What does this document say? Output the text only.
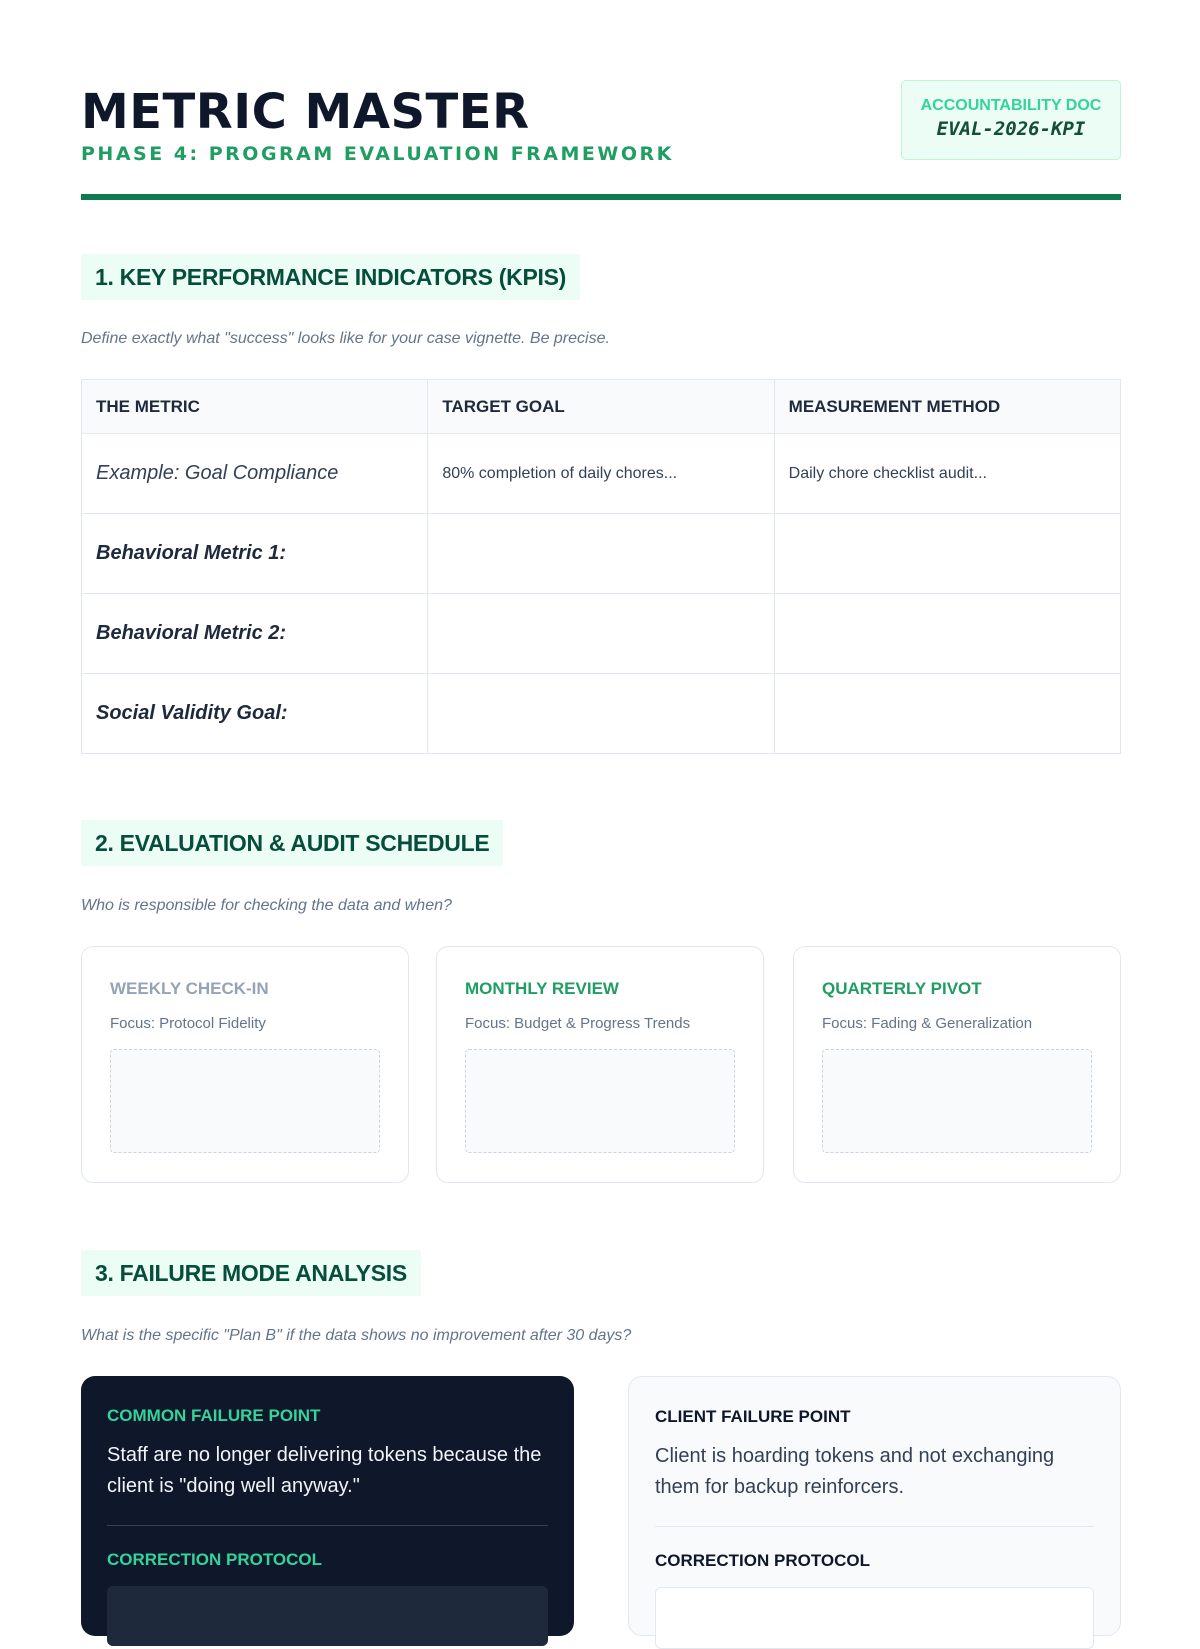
METRIC MASTER
PHASE 4: PROGRAM EVALUATION FRAMEWORK
ACCOUNTABILITY DOC
EVAL-2026-KPI
1. KEY PERFORMANCE INDICATORS (KPIS)
Define exactly what "success" looks like for your case vignette. Be precise.
THE METRIC	TARGET GOAL	MEASUREMENT METHOD
Example: Goal Compliance	80% completion of daily chores...	Daily chore checklist audit...
Behavioral Metric 1:		
Behavioral Metric 2:		
Social Validity Goal:		
2. EVALUATION & AUDIT SCHEDULE
Who is responsible for checking the data and when?
WEEKLY CHECK-IN
Focus: Protocol Fidelity
MONTHLY REVIEW
Focus: Budget & Progress Trends
QUARTERLY PIVOT
Focus: Fading & Generalization
3. FAILURE MODE ANALYSIS
What is the specific "Plan B" if the data shows no improvement after 30 days?
COMMON FAILURE POINT
Staff are no longer delivering tokens because the client is "doing well anyway."
CORRECTION PROTOCOL
CLIENT FAILURE POINT
Client is hoarding tokens and not exchanging them for backup reinforcers.
CORRECTION PROTOCOL
